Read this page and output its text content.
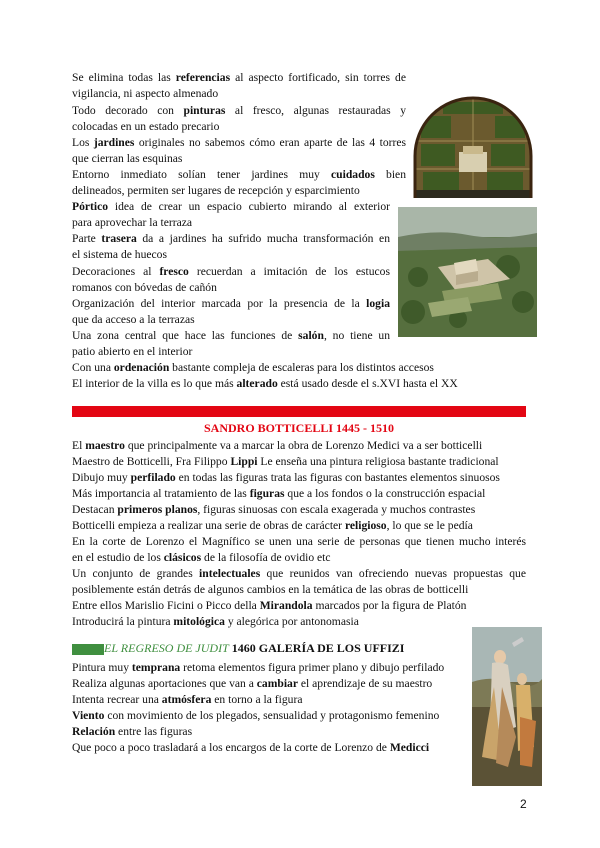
Se elimina todas las referencias al aspecto fortificado, sin torres de
vigilancia, ni aspecto almenado
Todo decorado con pinturas al fresco, algunas restauradas y
colocadas en un estado precario
Los jardines originales no sabemos cómo eran aparte de las 4 torres
que cierran las esquinas
Entorno inmediato solían tener jardines muy cuidados bien
delineados, permiten ser lugares de recepción y esparcimiento
Pórtico idea de crear un espacio cubierto mirando al exterior
para aprovechar la terraza
Parte trasera da a jardines ha sufrido mucha transformación en
el sistema de huecos
Decoraciones al fresco recuerdan a imitación de los estucos
romanos con bóvedas de cañón
Organización del interior marcada por la presencia de la logia
que da acceso a la terrazas
Una zona central que hace las funciones de salón, no tiene un
patio abierto en el interior
Con una ordenación bastante compleja de escaleras para los distintos accesos
El interior de la villa es lo que más alterado está usado desde el s.XVI hasta el XX
SANDRO BOTTICELLI 1445 - 1510
El maestro que principalmente va a marcar la obra de Lorenzo Medici va a ser botticelli
Maestro de Botticelli, Fra Filippo Lippi Le enseña una pintura religiosa bastante tradicional
Dibujo muy perfilado en todas las figuras trata las figuras con bastantes elementos sinuosos
Más importancia al tratamiento de las figuras que a los fondos o la construcción espacial
Destacan primeros planos, figuras sinuosas con escala exagerada y muchos contrastes
Botticelli empieza a realizar una serie de obras de carácter religioso, lo que se le pedía
En la corte de Lorenzo el Magnífico se unen una serie de personas que tienen mucho interés
en el estudio de los clásicos de la filosofía de ovidio etc
Un conjunto de grandes intelectuales que reunidos van ofreciendo nuevas propuestas que
posiblemente están detrás de algunos cambios en la temática de las obras de botticelli
Entre ellos Marislio Ficini o Picco della Mirandola marcados por la figura de Platón
Introducirá la pintura mitológica y alegórica por antonomasia
EL REGRESO DE JUDIT 1460 GALERÍA DE LOS UFFIZI
Pintura muy temprana retoma elementos figura primer plano y dibujo perfilado
Realiza algunas aportaciones que van a cambiar el aprendizaje de su maestro
Intenta recrear una atmósfera en torno a la figura
Viento con movimiento de los plegados, sensualidad y protagonismo femenino
Relación entre las figuras
Que poco a poco trasladará a los encargos de la corte de Lorenzo de Medicci
2
